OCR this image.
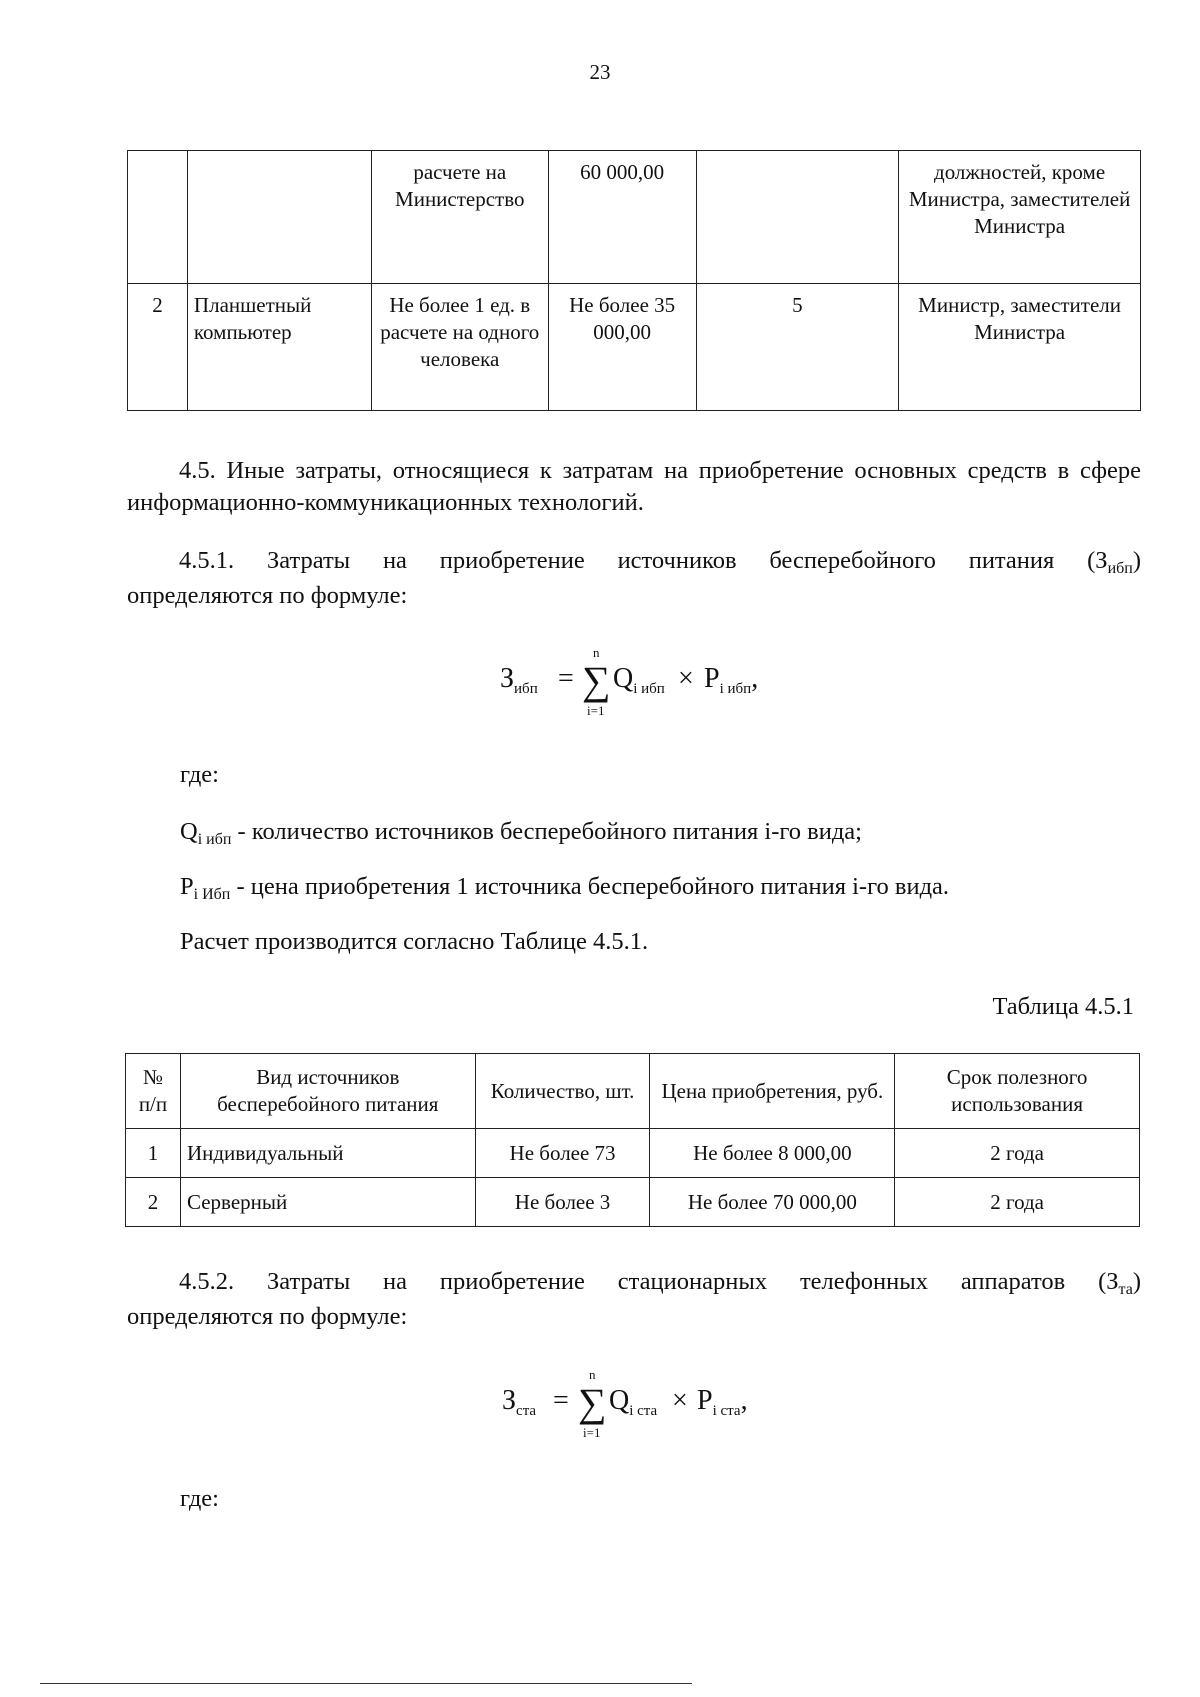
23
		расчете на Министерство	60 000,00		должностей, кроме Министра, заместителей Министра
2	Планшетный компьютер	Не более 1 ед. в расчете на одного человека	Не более 35 000,00	5	Министр, заместители Министра
4.5. Иные затраты, относящиеся к затратам на приобретение основных средств в сфере информационно-коммуникационных технологий.
4.5.1. Затраты на приобретение источников бесперебойного питания $(З_{ибп})$
определяются по формуле:
$З_{ибп}$ =
n
∑
i=1
$Q_{i ибп} \times P_{i ибп}$,
где:
$Q_{i ибп}$ - количество источников бесперебойного питания i-го вида;
$P_{i Ибп}$ - цена приобретения 1 источника бесперебойного питания i-го вида.
Расчет производится согласно Таблице 4.5.1.
Таблица 4.5.1
№ п/п	Вид источников бесперебойного питания	Количество, шт.	Цена приобретения, руб.	Срок полезного использования
1	Индивидуальный	Не более 73	Не более 8 000,00	2 года
2	Серверный	Не более 3	Не более 70 000,00	2 года
4.5.2. Затраты на приобретение стационарных телефонных аппаратов $(З_{та})$
определяются по формуле:
$З_{ста}$ =
n
∑
i=1
$Q_{i ста} \times P_{i ста}$,
где:
